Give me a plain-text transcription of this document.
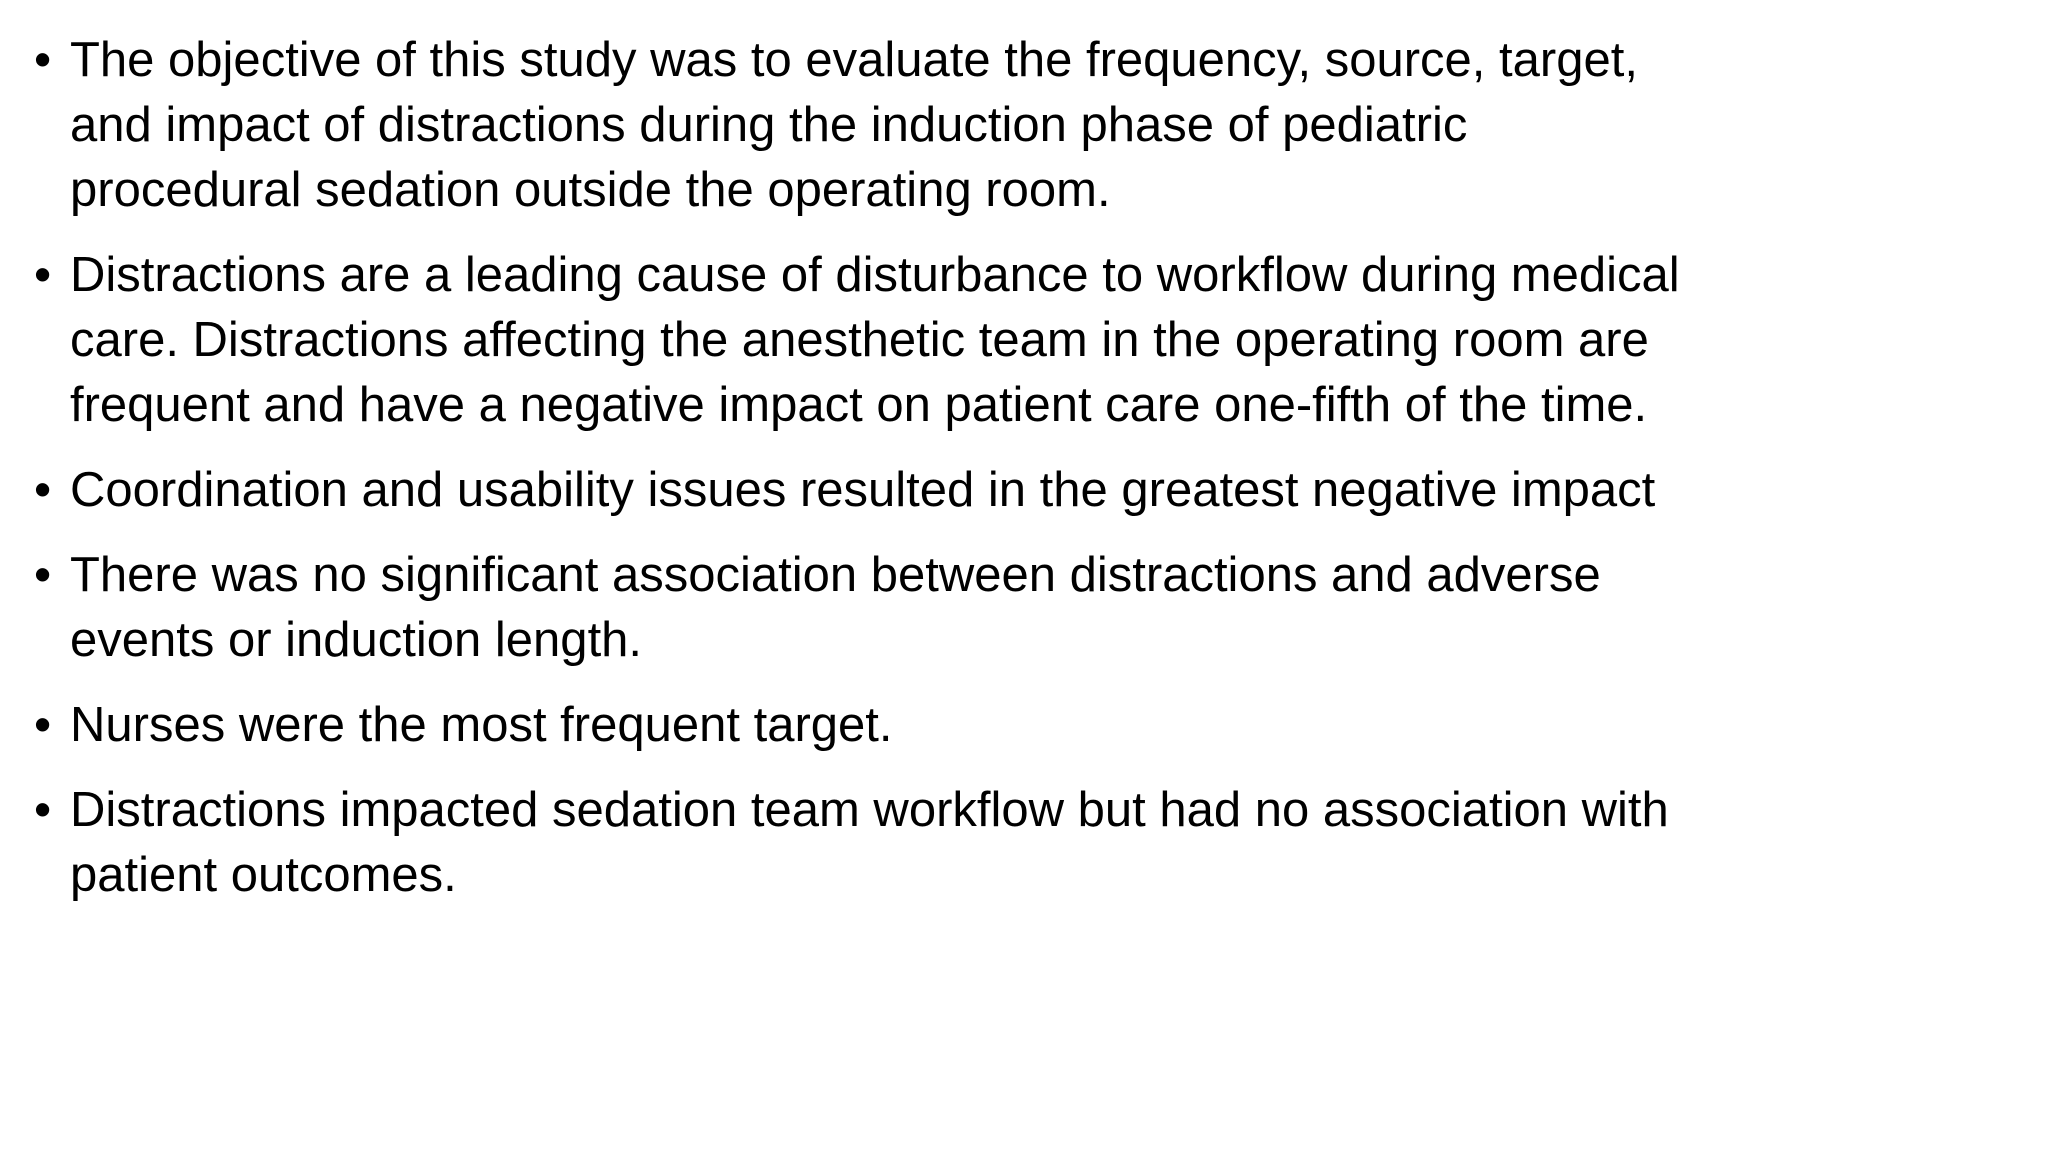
• The objective of this study was to evaluate the frequency, source, target,
and impact of distractions during the induction phase of pediatric
procedural sedation outside the operating room.
• Distractions are a leading cause of disturbance to workflow during medical
care. Distractions affecting the anesthetic team in the operating room are
frequent and have a negative impact on patient care one-fifth of the time.
• Coordination and usability issues resulted in the greatest negative impact
• There was no significant association between distractions and adverse
events or induction length.
• Nurses were the most frequent target.
• Distractions impacted sedation team workflow but had no association with
patient outcomes.
